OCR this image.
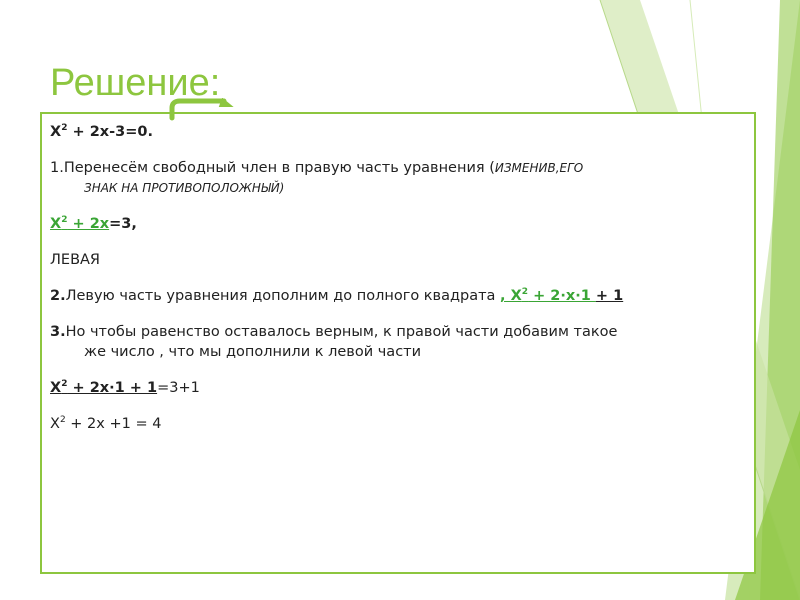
Решение:

$X^2 + 2x-3=0$.

1.Перенесём свободный член в правую часть уравнения (ИЗМЕНИВ,ЕГО
ЗНАК НА ПРОТИВОПОЛОЖНЫЙ)

$X^2 + 2x=3$,

ЛЕВАЯ

2.Левую часть уравнения дополним до полного квадрата , $X^2 + 2\cdot x\cdot 1 + 1$

3.Но чтобы равенство оставалось верным, к правой части добавим такое
же число , что мы дополнили к левой части

$X^2 + 2x\cdot 1 + 1=3+1$

$X^2 + 2x +1 = 4$
